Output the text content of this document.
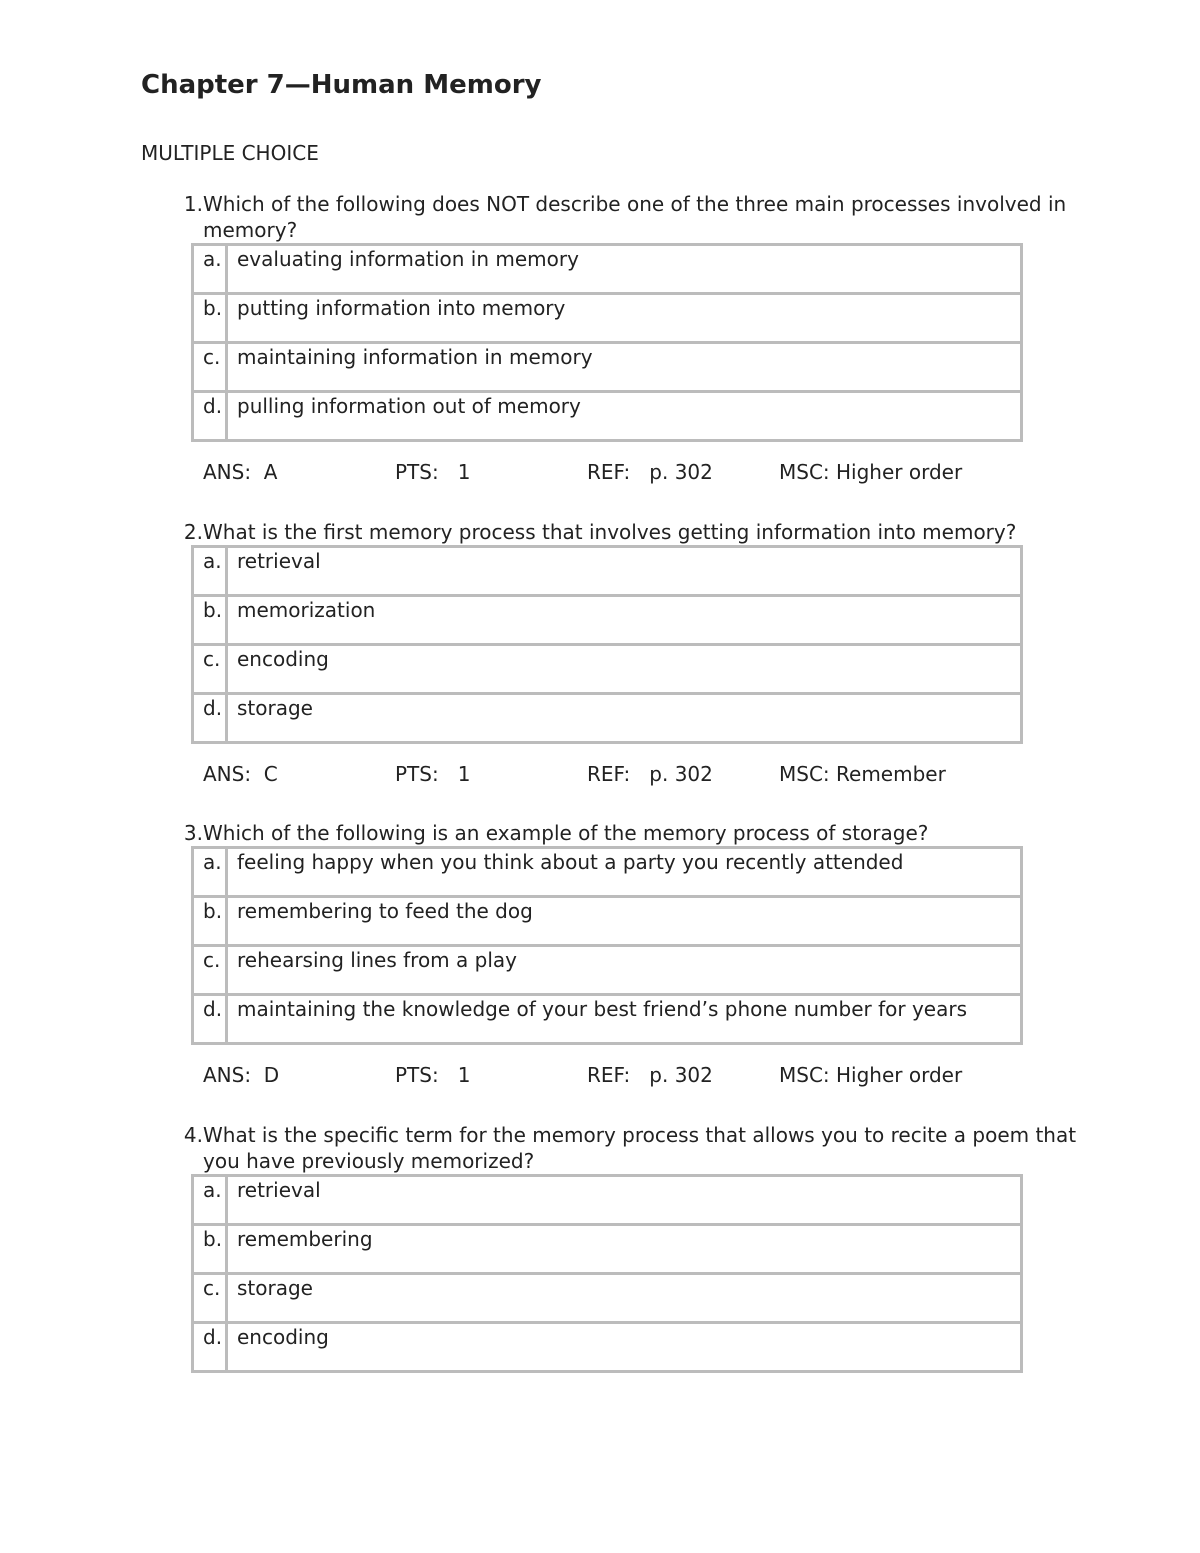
Chapter 7—Human Memory
MULTIPLE CHOICE
1. Which of the following does NOT describe one of the three main processes involved in memory?
a.	evaluating information in memory

b.	putting information into memory

c.	maintaining information in memory

d.	pulling information out of memory
ANS:  A	PTS:   1	REF:   p. 302	MSC: Higher order
2. What is the first memory process that involves getting information into memory?
a.	retrieval

b.	memorization

c.	encoding

d.	storage
ANS:  C	PTS:   1	REF:   p. 302	MSC: Remember
3. Which of the following is an example of the memory process of storage?
a.	feeling happy when you think about a party you recently attended

b.	remembering to feed the dog

c.	rehearsing lines from a play

d.	maintaining the knowledge of your best friend’s phone number for years
ANS:  D	PTS:   1	REF:   p. 302	MSC: Higher order
4. What is the specific term for the memory process that allows you to recite a poem that you have previously memorized?
a.	retrieval

b.	remembering

c.	storage

d.	encoding
